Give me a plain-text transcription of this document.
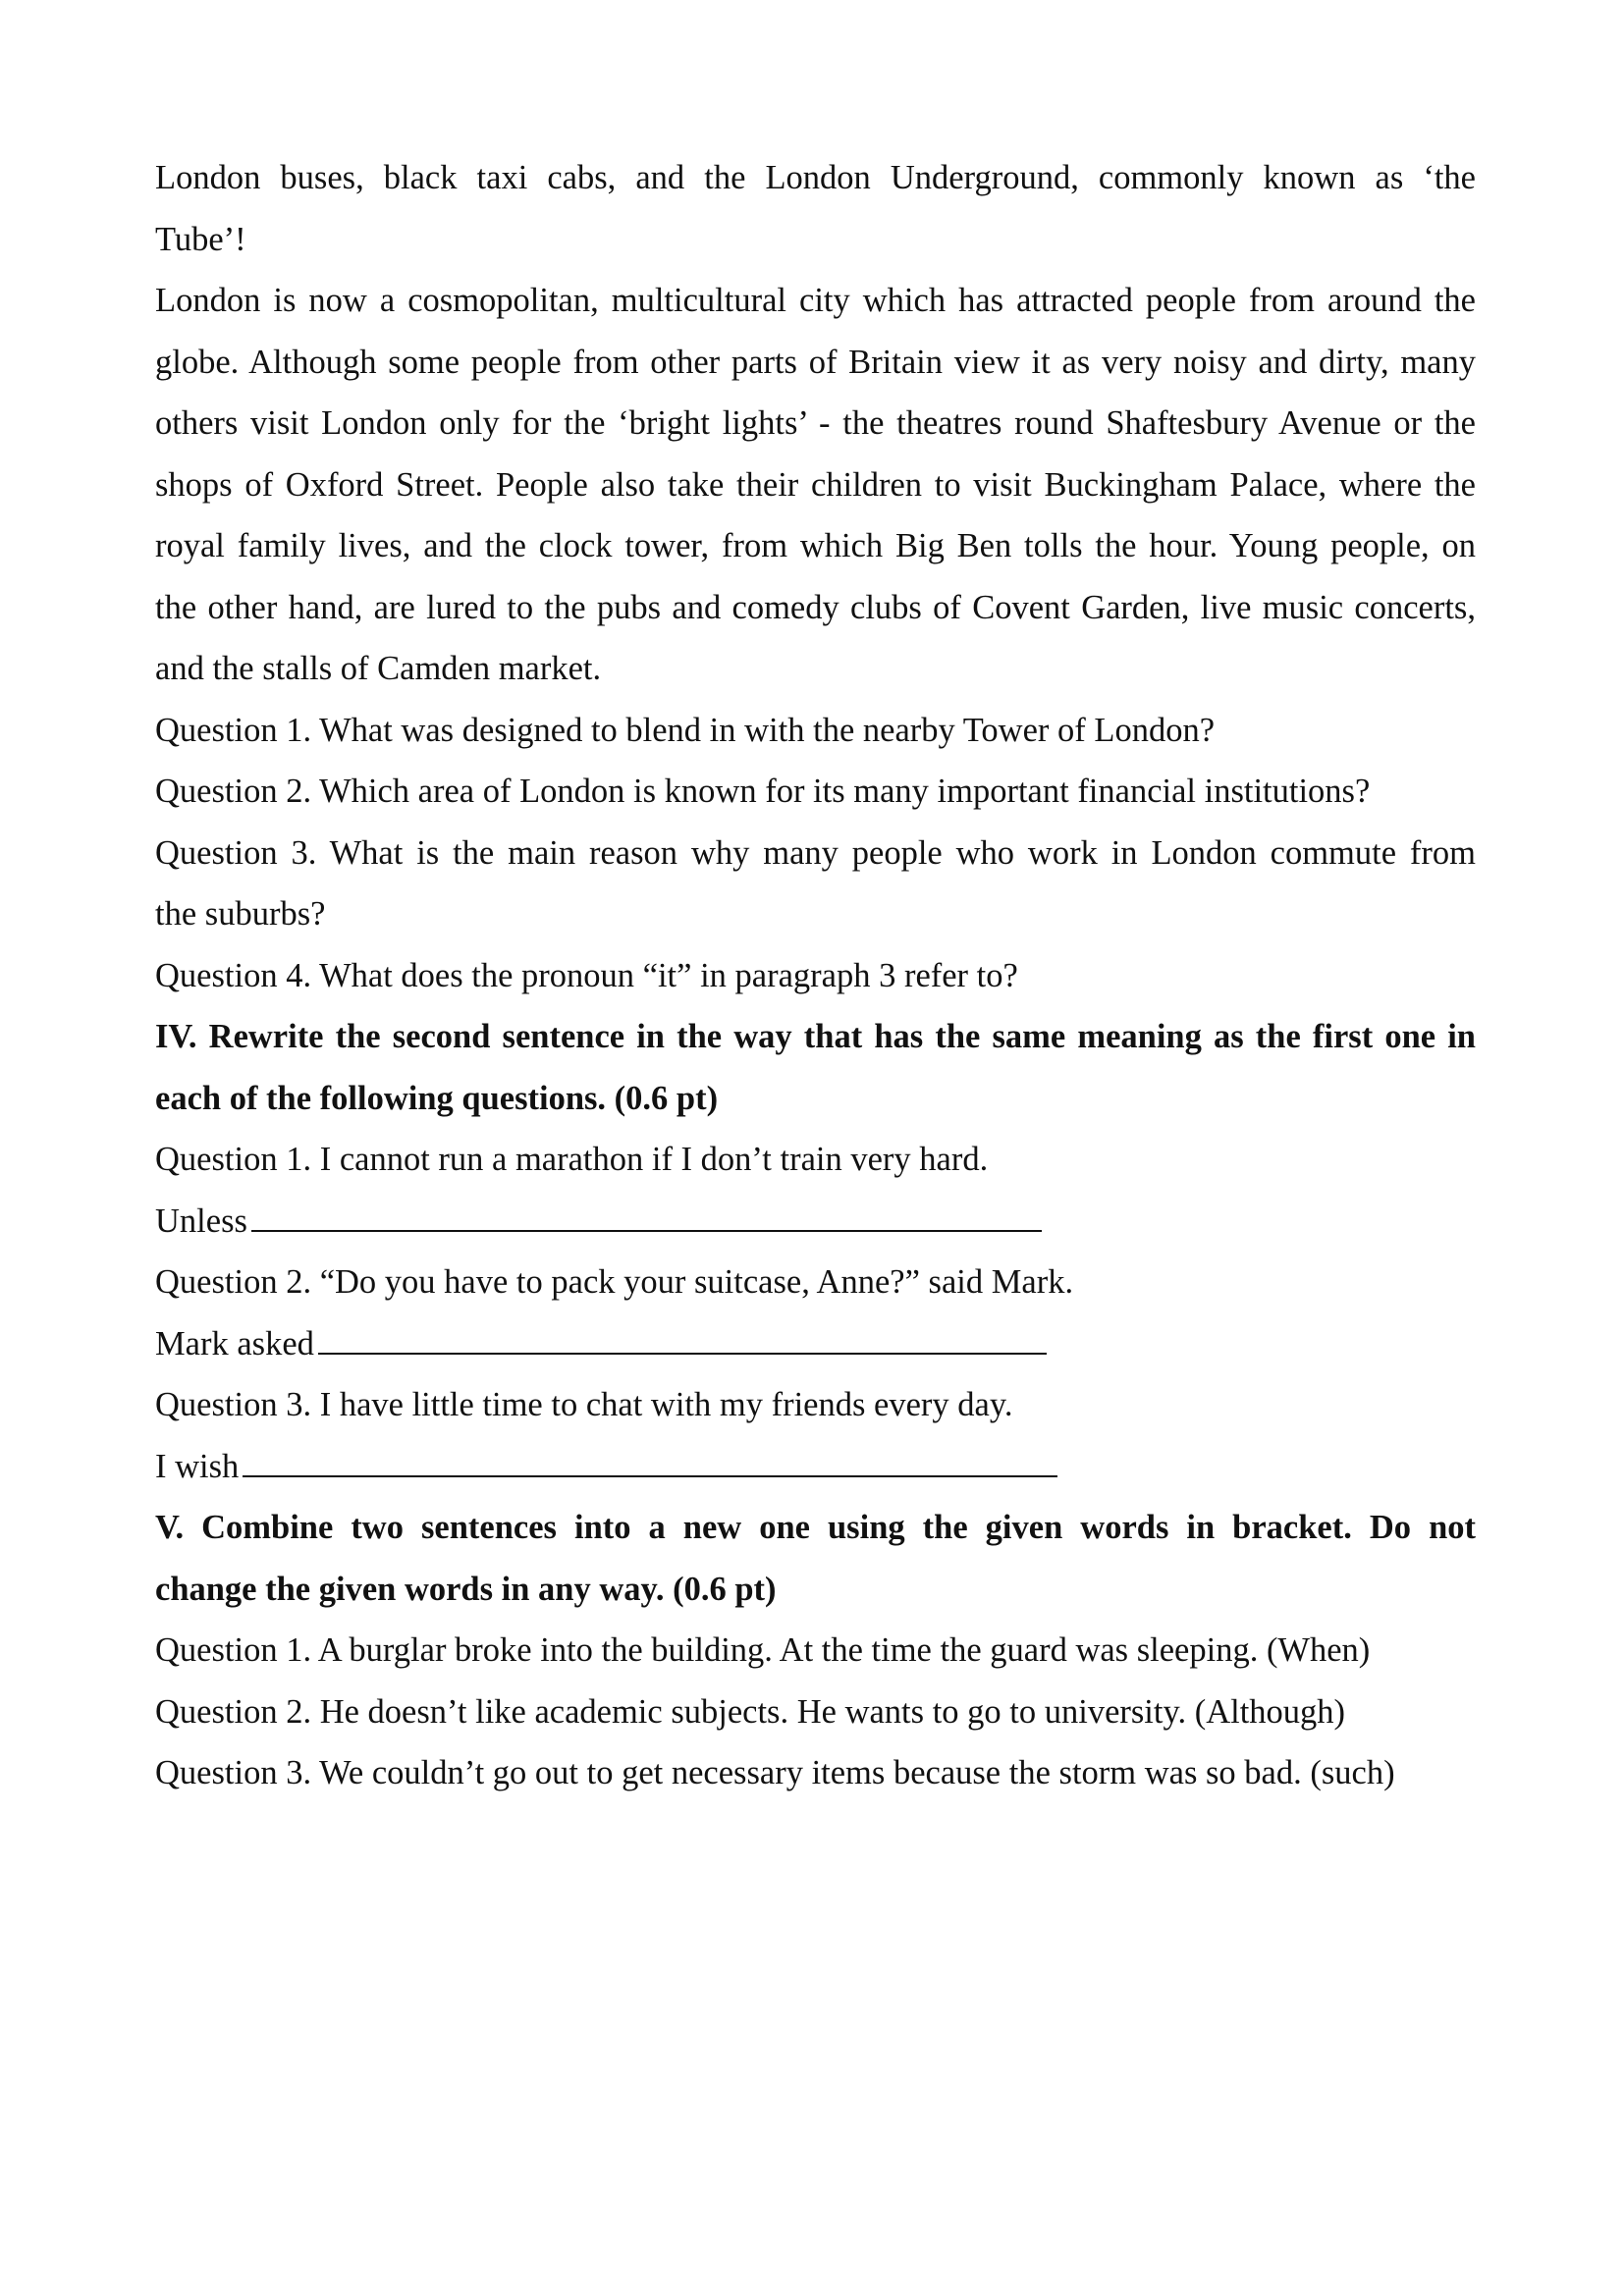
London buses, black taxi cabs, and the London Underground, commonly known as ‘the
Tube’!
London is now a cosmopolitan, multicultural city which has attracted people from around the
globe. Although some people from other parts of Britain view it as very noisy and dirty, many
others visit London only for the ‘bright lights’ - the theatres round Shaftesbury Avenue or the
shops of Oxford Street. People also take their children to visit Buckingham Palace, where the
royal family lives, and the clock tower, from which Big Ben tolls the hour. Young people, on
the other hand, are lured to the pubs and comedy clubs of Covent Garden, live music concerts,
and the stalls of Camden market.
Question 1. What was designed to blend in with the nearby Tower of London?
Question 2. Which area of London is known for its many important financial institutions?
Question 3. What is the main reason why many people who work in London commute from
the suburbs?
Question 4. What does the pronoun “it” in paragraph 3 refer to?
IV. Rewrite the second sentence in the way that has the same meaning as the first one in
each of the following questions. (0.6 pt)
Question 1. I cannot run a marathon if I don’t train very hard.
Unless
Question 2. “Do you have to pack your suitcase, Anne?” said Mark.
Mark asked
Question 3. I have little time to chat with my friends every day.
I wish
V. Combine two sentences into a new one using the given words in bracket. Do not
change the given words in any way. (0.6 pt)
Question 1. A burglar broke into the building. At the time the guard was sleeping. (When)
Question 2. He doesn’t like academic subjects. He wants to go to university. (Although)
Question 3. We couldn’t go out to get necessary items because the storm was so bad. (such)
